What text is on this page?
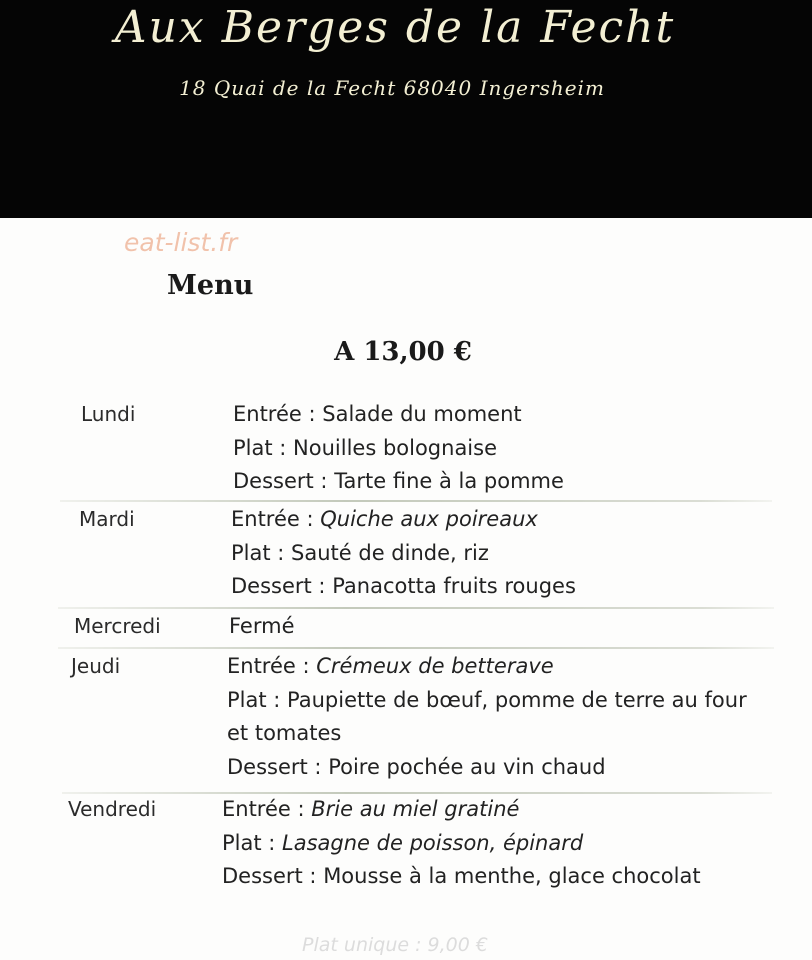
Aux Berges de la Fecht
18 Quai de la Fecht 68040 Ingersheim
eat-list.fr
Menu
A 13,00 €
Lundi	Entrée : Salade du moment
Plat : Nouilles bolognaise
Dessert : Tarte fine à la pomme
Mardi	Entrée : Quiche aux poireaux
Plat : Sauté de dinde, riz
Dessert : Panacotta fruits rouges
Mercredi	Fermé
Jeudi	Entrée : Crémeux de betterave
Plat : Paupiette de bœuf, pomme de terre au four et tomates
Dessert : Poire pochée au vin chaud
Vendredi	Entrée : Brie au miel gratiné
Plat : Lasagne de poisson, épinard
Dessert : Mousse à la menthe, glace chocolat
Plat unique : 9,00 €
